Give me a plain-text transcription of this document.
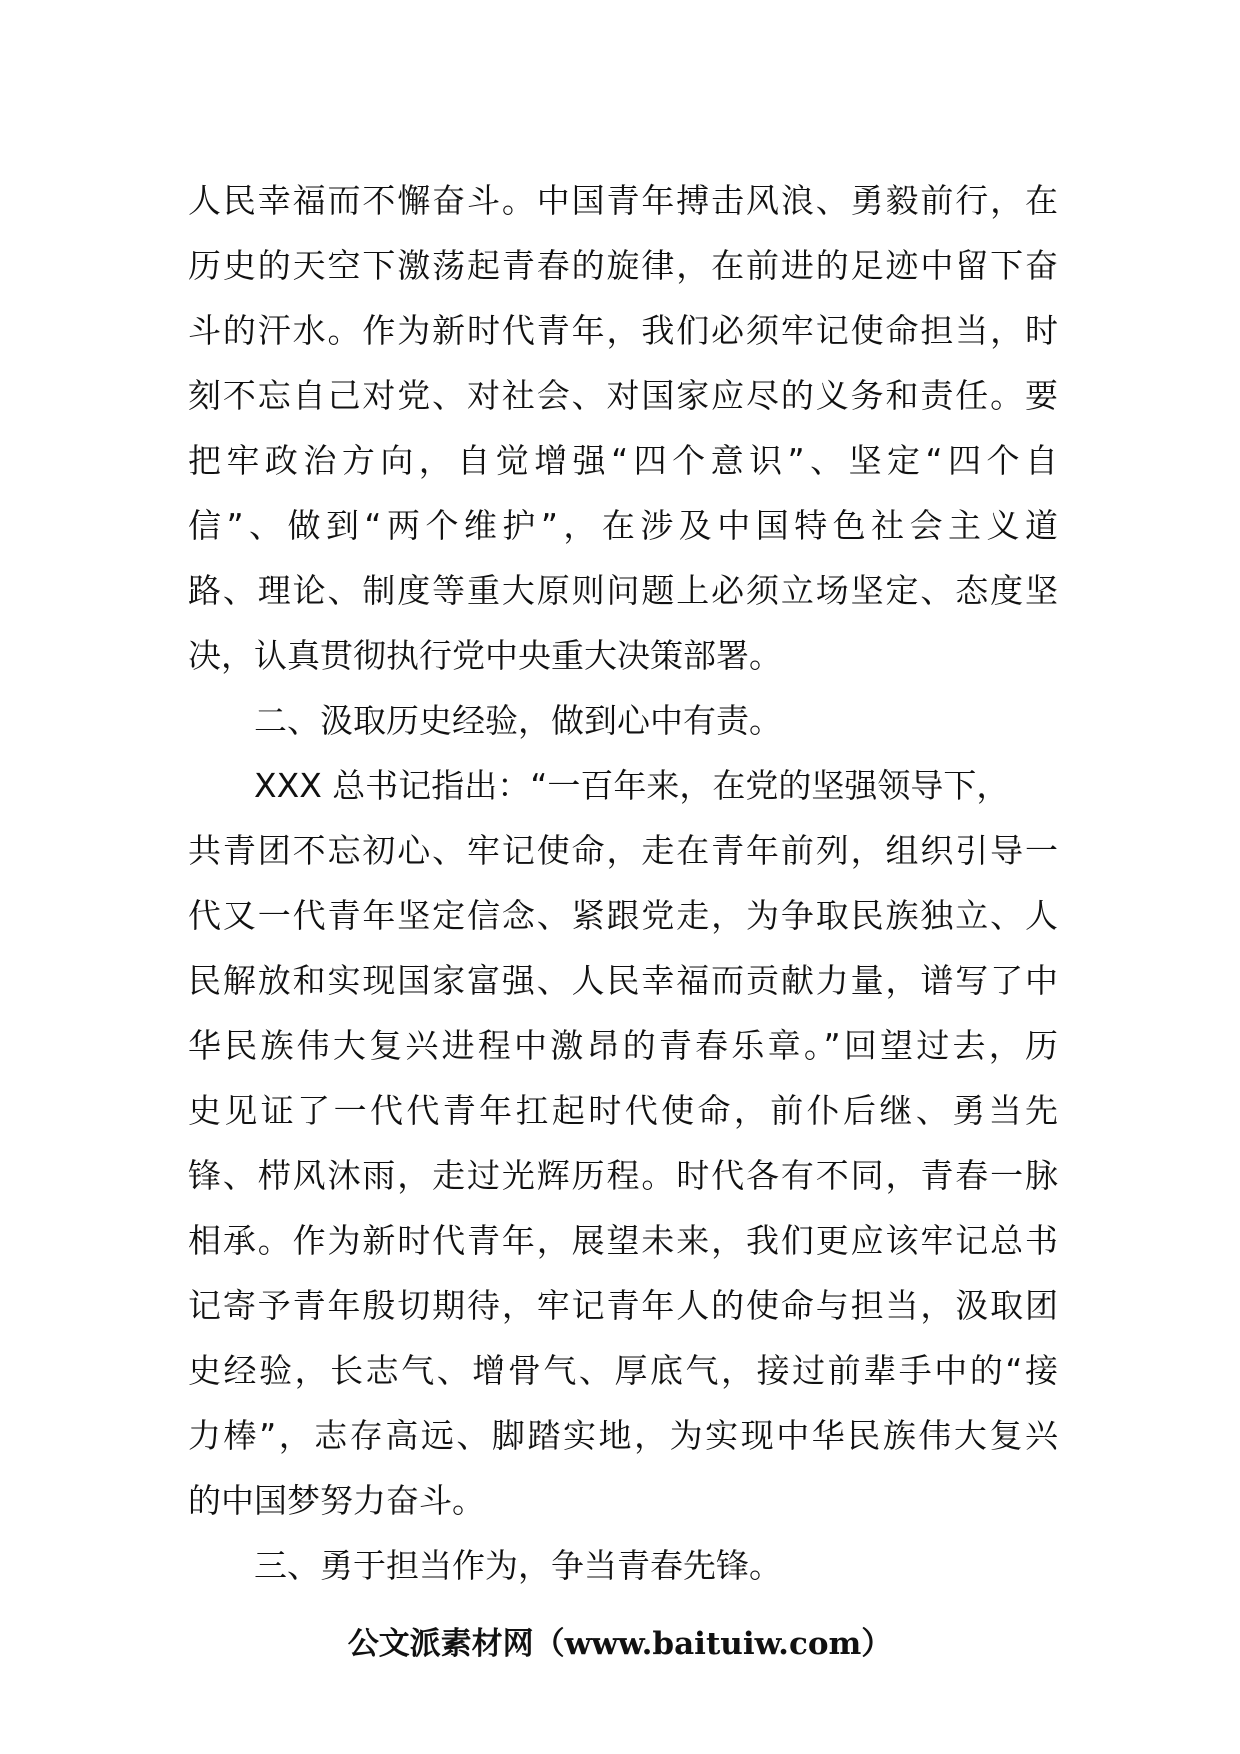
人民幸福而不懈奋斗。中国青年搏击风浪、勇毅前行，在
历史的天空下激荡起青春的旋律，在前进的足迹中留下奋
斗的汗水。作为新时代青年，我们必须牢记使命担当，时
刻不忘自己对党、对社会、对国家应尽的义务和责任。要
把牢政治方向，自觉增强“四个意识”、坚定“四个自
信”、做到“两个维护”，在涉及中国特色社会主义道
路、理论、制度等重大原则问题上必须立场坚定、态度坚
决，认真贯彻执行党中央重大决策部署。
二、汲取历史经验，做到心中有责。
XXX 总书记指出：“一百年来，在党的坚强领导下，
共青团不忘初心、牢记使命，走在青年前列，组织引导一
代又一代青年坚定信念、紧跟党走，为争取民族独立、人
民解放和实现国家富强、人民幸福而贡献力量，谱写了中
华民族伟大复兴进程中激昂的青春乐章。”回望过去，历
史见证了一代代青年扛起时代使命，前仆后继、勇当先
锋、栉风沐雨，走过光辉历程。时代各有不同，青春一脉
相承。作为新时代青年，展望未来，我们更应该牢记总书
记寄予青年殷切期待，牢记青年人的使命与担当，汲取团
史经验，长志气、增骨气、厚底气，接过前辈手中的“接
力棒”，志存高远、脚踏实地，为实现中华民族伟大复兴
的中国梦努力奋斗。
三、勇于担当作为，争当青春先锋。
公文派素材网（www.baituiw.com）
